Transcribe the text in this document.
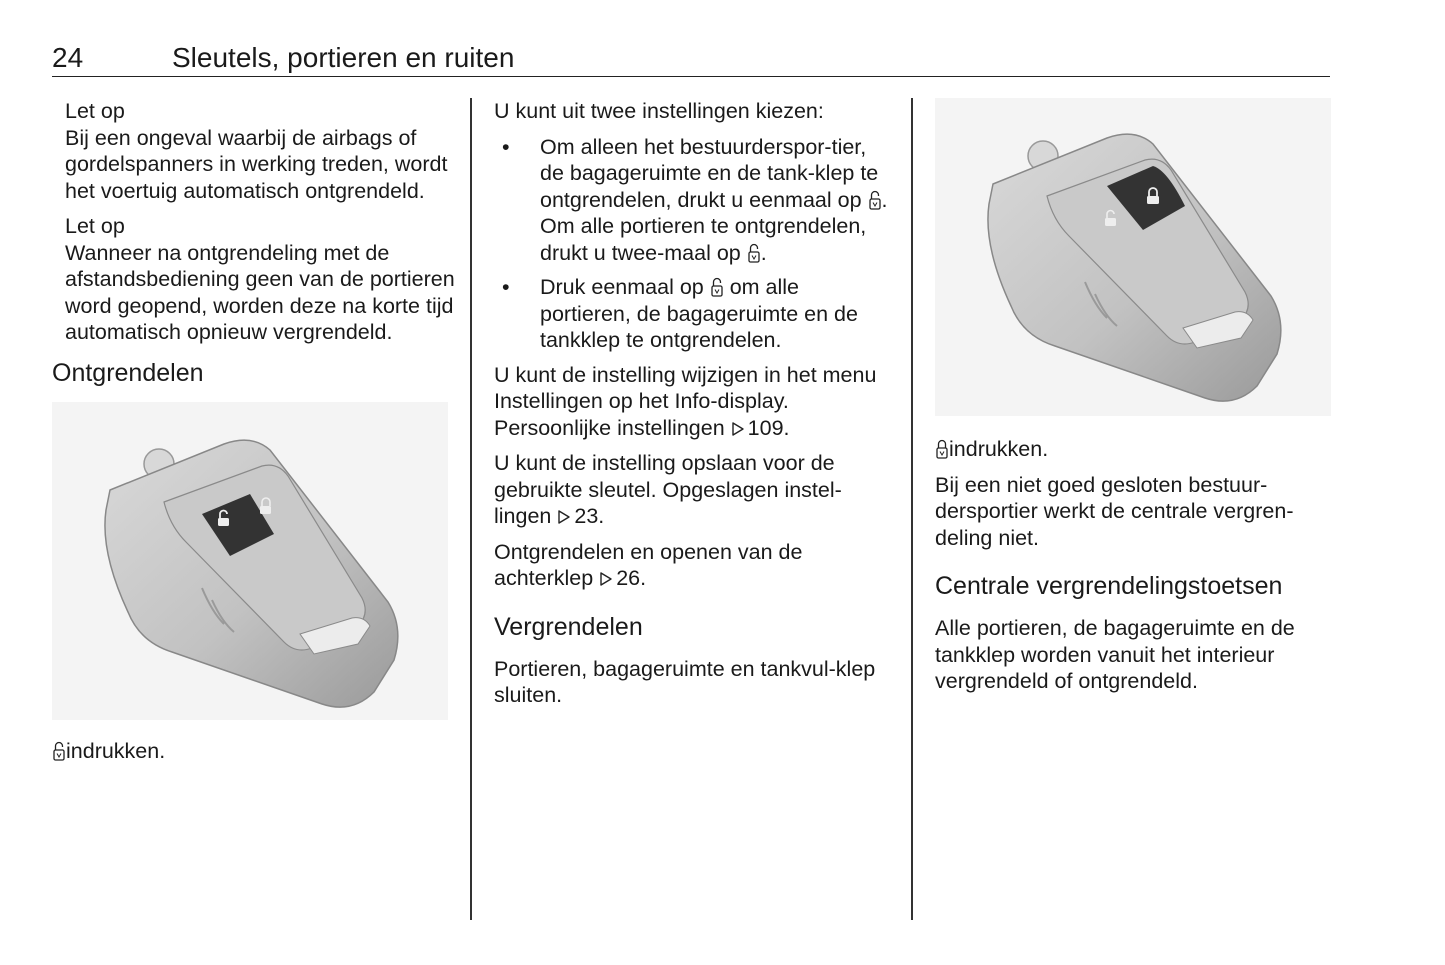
24	Sleutels, portieren en ruiten
Let op

Bij een ongeval waarbij de airbags of gordelspanners in werking treden, wordt het voertuig automatisch ontgrendeld.

Let op

Wanneer na ontgrendeling met de afstandsbediening geen van de portieren word geopend, worden deze na korte tijd automatisch opnieuw vergrendeld.

Ontgrendelen

indrukken.

U kunt uit twee instellingen kiezen:

• Om alleen het bestuurderspor-tier, de bagageruimte en de tank-klep te ontgrendelen, drukt u eenmaal op . Om alle portieren te ontgrendelen, drukt u twee-maal op .
• Druk eenmaal op om alle portieren, de bagageruimte en de tankklep te ontgrendelen.

U kunt de instelling wijzigen in het menu Instellingen op het Info-display. Persoonlijke instellingen 109.

U kunt de instelling opslaan voor de gebruikte sleutel. Opgeslagen instel-lingen 23.

Ontgrendelen en openen van de achterklep 26.

Vergrendelen

Portieren, bagageruimte en tankvul-klep sluiten.

indrukken.

Bij een niet goed gesloten bestuur-dersportier werkt de centrale vergren-deling niet.

Centrale vergrendelingstoetsen

Alle portieren, de bagageruimte en de tankklep worden vanuit het interieur vergrendeld of ontgrendeld.
